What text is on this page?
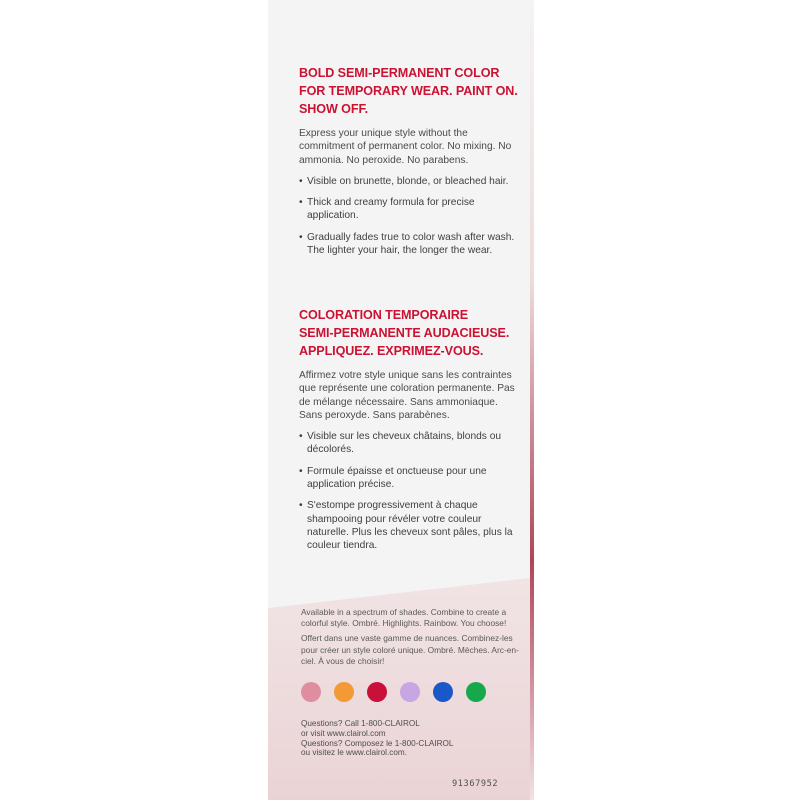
BOLD SEMI-PERMANENT COLOR
FOR TEMPORARY WEAR. PAINT ON.
SHOW OFF.

Express your unique style without the commitment of permanent color. No mixing. No ammonia. No peroxide. No parabens.

• Visible on brunette, blonde, or bleached hair.
• Thick and creamy formula for precise application.
• Gradually fades true to color wash after wash. The lighter your hair, the longer the wear.
COLORATION TEMPORAIRE
SEMI-PERMANENTE AUDACIEUSE.
APPLIQUEZ. EXPRIMEZ-VOUS.

Affirmez votre style unique sans les contraintes que représente une coloration permanente. Pas de mélange nécessaire. Sans ammoniaque. Sans peroxyde. Sans parabènes.

• Visible sur les cheveux châtains, blonds ou décolorés.
• Formule épaisse et onctueuse pour une application précise.
• S'estompe progressivement à chaque shampooing pour révéler votre couleur naturelle. Plus les cheveux sont pâles, plus la couleur tiendra.

Available in a spectrum of shades. Combine to create a colorful style. Ombré. Highlights. Rainbow. You choose!

Offert dans une vaste gamme de nuances. Combinez-les pour créer un style coloré unique. Ombré. Mèches. Arc-en-ciel. À vous de choisir!

Questions? Call 1-800-CLAIROL

or visit www.clairol.com

Questions? Composez le 1-800-CLAIROL

ou visitez le www.clairol.com.

91367952
